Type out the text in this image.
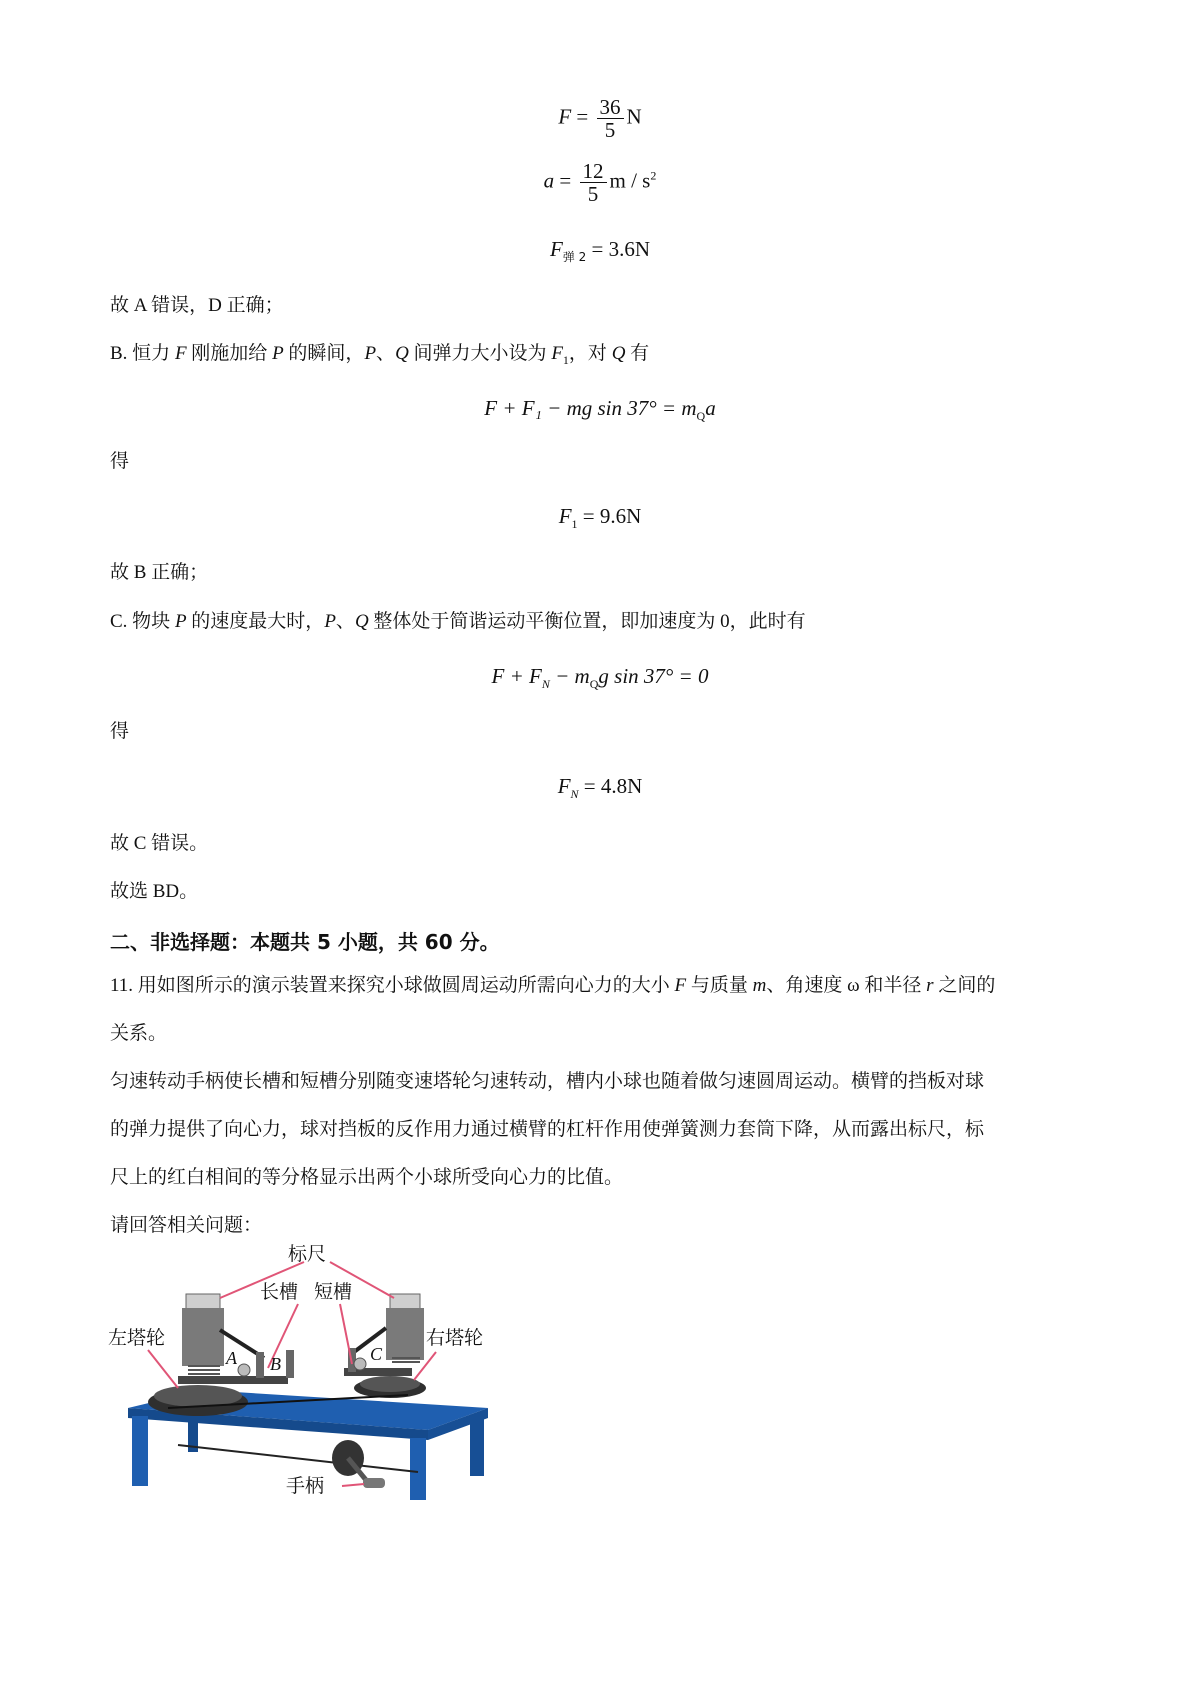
$F = \frac{36}{5}$ N
$a = \frac{12}{5}$ m / $s^2$
$F_{弹 2} = 3.6N$
故 A 错误，D 正确；
B. 恒力 F 刚施加给 P 的瞬间，P、Q 间弹力大小设为 $F_1$，对 Q 有
F + F₁ − mg $\sin 37^\circ = m_Qa$
得
$F_1 = 9.6N$
故 B 正确；
C. 物块 P 的速度最大时，P、Q 整体处于简谐运动平衡位置，即加速度为 0，此时有
$F + F_N - m_Qg$ sin 37° = 0
得
$F_N = 4.8N$
故 C 错误。
故选 BD。
二、非选择题：本题共 5 小题，共 60 分。
11. 用如图所示的演示装置来探究小球做圆周运动所需向心力的大小 F 与质量 m、角速度 ω 和半径 r 之间的
关系。
匀速转动手柄使长槽和短槽分别随变速塔轮匀速转动，槽内小球也随着做匀速圆周运动。横臂的挡板对球
的弹力提供了向心力，球对挡板的反作用力通过横臂的杠杆作用使弹簧测力套筒下降，从而露出标尺，标
尺上的红白相间的等分格显示出两个小球所受向心力的比值。
请回答相关问题：
标尺
长槽 短槽
左塔轮	右塔轮
手柄
A B	C
